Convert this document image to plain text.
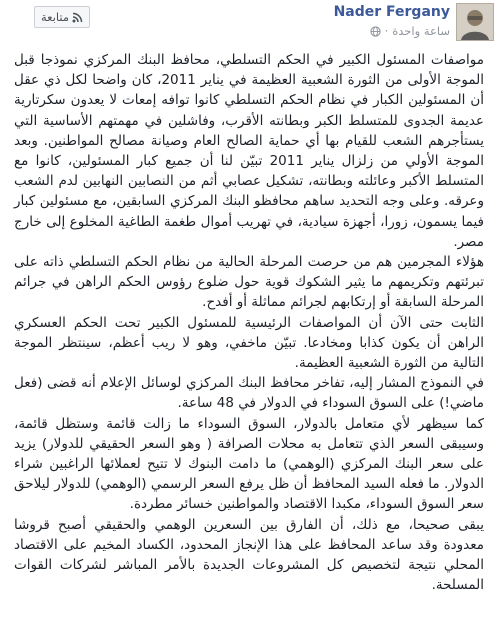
Nader Fergany
ساعة واحدة
·
متابعة

مواصفات المسئول الكبير في الحكم التسلطي، محافظ البنك المركزي نموذجا قبل الموجة الأولى من الثورة الشعبية العظيمة في يناير 2011، كان واضحا لكل ذي عقل أن المسئولين الكبار في نظام الحكم التسلطي كانوا توافه إمعات لا يعدون سكرتارية عديمة الجدوى للمتسلط الكبر وبطانته الأقرب، وفاشلين في مهمتهم الأساسية التي يستأجرهم الشعب للقيام بها أي حماية الصالح العام وصيانة مصالح المواطنين. وبعد الموجة الأولي من زلزال يناير 2011 تبيّن لنا أن جميع كبار المسئولين، كانوا مع المتسلط الأكبر وعائلته وبطانته، تشكيل عصابي أثم من النصابين النهابين لدم الشعب وعرقه. وعلى وجه التحديد ساهم محافظو البنك المركزي السابقين، مع مسئولين كبار فيما يسمون، زورا، أجهزة سيادية، في تهريب أموال طغمة الطاغية المخلوع إلى خارج مصر.

هؤلاء المجرمين هم من حرصت المرحلة الحالية من نظام الحكم التسلطي ذاته على تبرئتهم وتكريمهم ما يثير الشكوك قوية حول ضلوع رؤوس الحكم الراهن في جرائم المرحلة السابقة أو إرتكابهم لجرائم مماثلة أو أفدح.

الثابت حتى الآن أن المواصفات الرئيسية للمسئول الكبير تحت الحكم العسكري الراهن أن يكون كذابا ومخادعا. تبيّن ماخفي، وهو لا ريب أعظم، سينتظر الموجة التالية من الثورة الشعبية العظيمة.

في النموذج المشار إليه، تفاخر محافظ البنك المركزي لوسائل الإعلام أنه قضى (فعل ماضي!) على السوق السوداء في الدولار في 48 ساعة.

كما سيظهر لأي متعامل بالدولار، السوق السوداء ما زالت قائمة وستظل قائمة، وسيبقى السعر الذي تتعامل به محلات الصرافة ( وهو السعر الحقيقي للدولار) يزيد على سعر البنك المركزي (الوهمي) ما دامت البنوك لا تتيح لعملائها الراغبين شراء الدولار. ما فعله السيد المحافظ أن ظل يرفع السعر الرسمي (الوهمي) للدولار ليلاحق سعر السوق السوداء، مكبدا الاقتصاد والمواطنين خسائر مطردة.

يبقى صحيحا، مع ذلك، أن الفارق بين السعرين الوهمي والحقيقي أصبح قروشا معدودة وقد ساعد المحافظ على هذا الإنجاز المحدود، الكساد المخيم على الاقتصاد المحلي نتيجة لتخصيص كل المشروعات الجديدة بالأمر المباشر لشركات القوات المسلحة.
